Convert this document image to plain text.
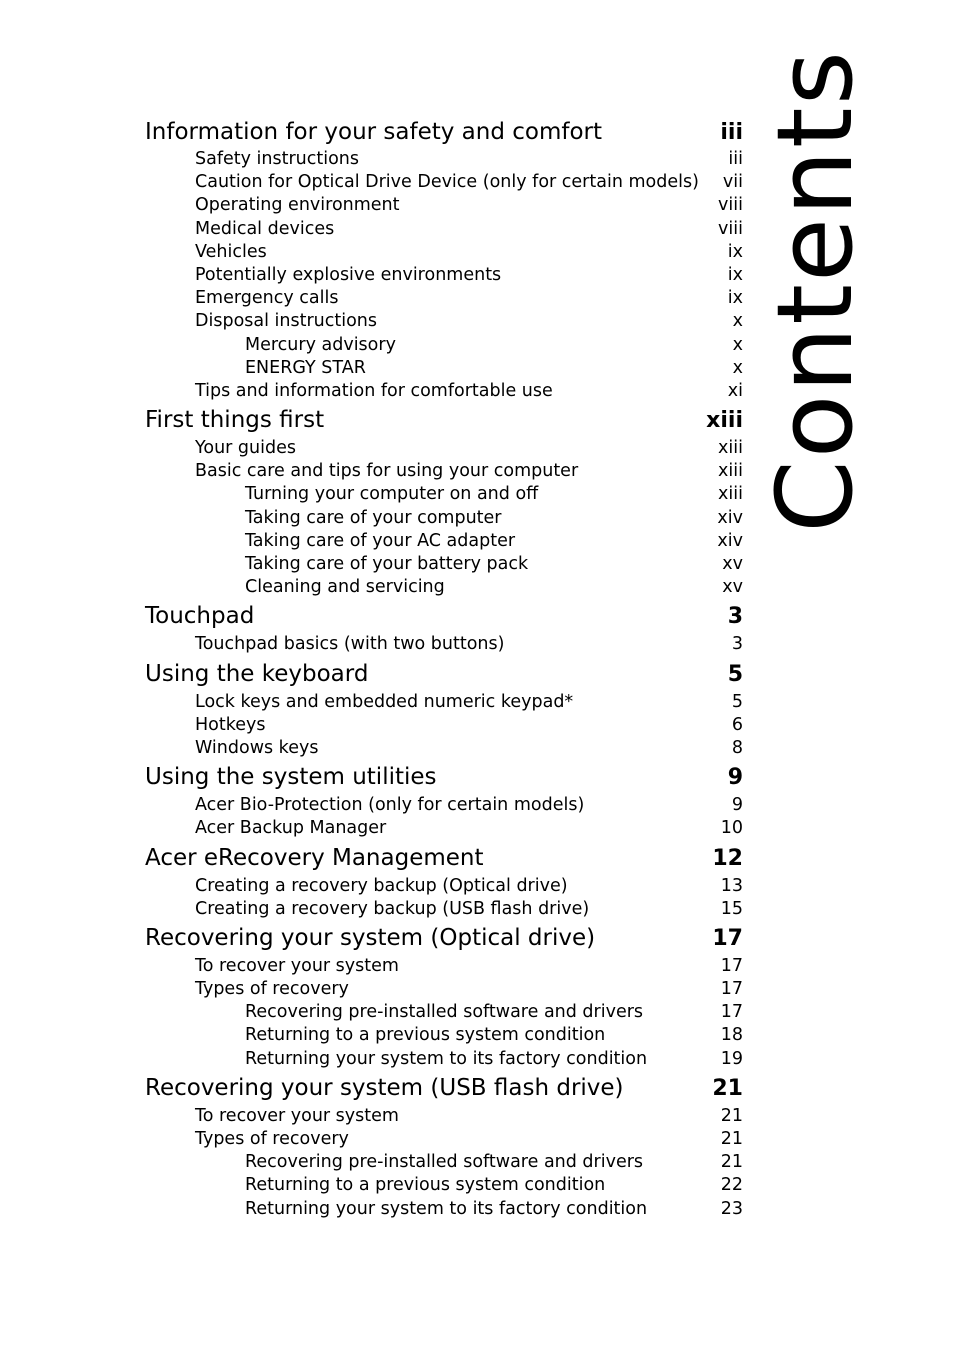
Information for your safety and comfort	iii
Safety instructions	iii
Caution for Optical Drive Device (only for certain models)	vii
Operating environment	viii
Medical devices	viii
Vehicles	ix
Potentially explosive environments	ix
Emergency calls	ix
Disposal instructions	x
Mercury advisory	x
ENERGY STAR	x
Tips and information for comfortable use	xi
First things first	xiii
Your guides	xiii
Basic care and tips for using your computer	xiii
Turning your computer on and off	xiii
Taking care of your computer	xiv
Taking care of your AC adapter	xiv
Taking care of your battery pack	xv
Cleaning and servicing	xv
Touchpad	3
Touchpad basics (with two buttons)	3
Using the keyboard	5
Lock keys and embedded numeric keypad*	5
Hotkeys	6
Windows keys	8
Using the system utilities	9
Acer Bio-Protection (only for certain models)	9
Acer Backup Manager	10
Acer eRecovery Management	12
Creating a recovery backup (Optical drive)	13
Creating a recovery backup (USB flash drive)	15
Recovering your system (Optical drive)	17
To recover your system	17
Types of recovery	17
Recovering pre-installed software and drivers	17
Returning to a previous system condition	18
Returning your system to its factory condition	19
Recovering your system (USB flash drive)	21
To recover your system	21
Types of recovery	21
Recovering pre-installed software and drivers	21
Returning to a previous system condition	22
Returning your system to its factory condition	23
Contents
